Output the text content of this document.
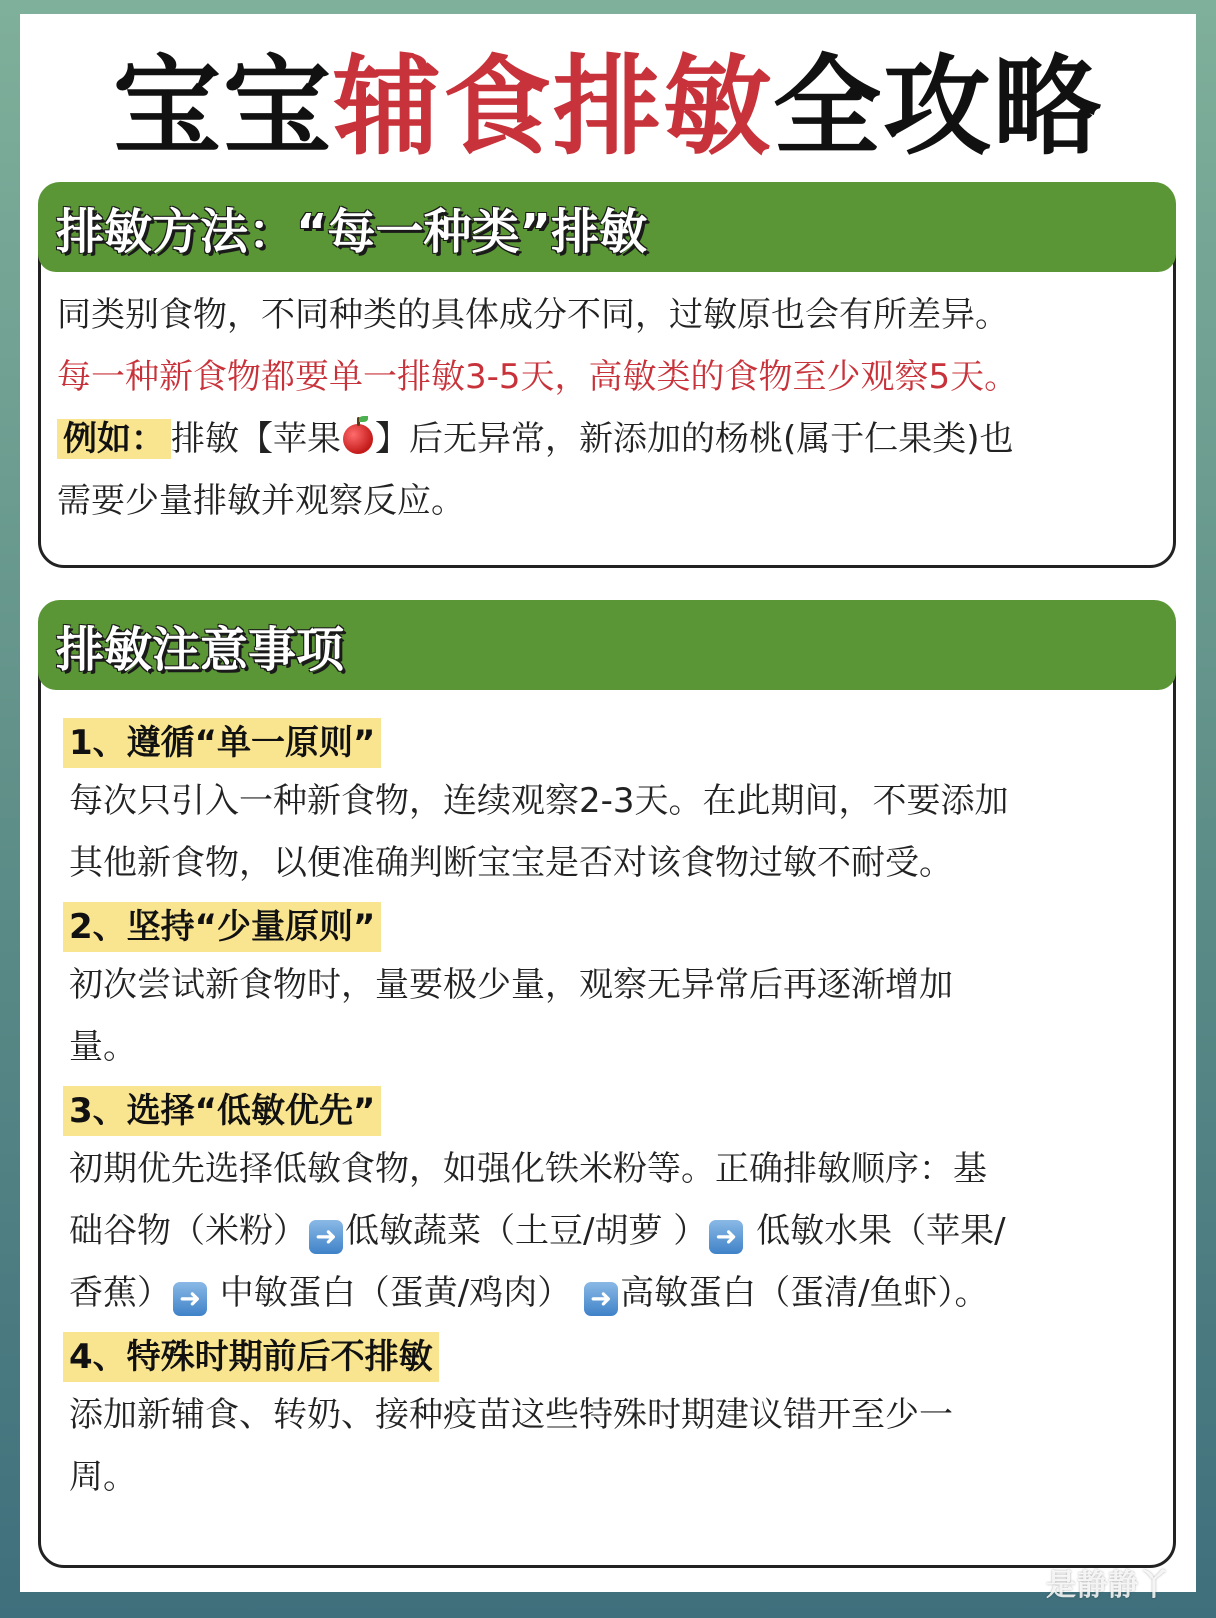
宝宝辅食排敏全攻略
排敏方法：“每一种类”排敏

同类别食物，不同种类的具体成分不同，过敏原也会有所差异。

每一种新食物都要单一排敏3-5天，高敏类的食物至少观察5天。

例如： 排敏【苹果 】后无异常，新添加的杨桃(属于仁果类)也

需要少量排敏并观察反应。

排敏注意事项
1、遵循“单一原则”

每次只引入一种新食物，连续观察2-3天。在此期间，不要添加

其他新食物，以便准确判断宝宝是否对该食物过敏不耐受。

2、坚持“少量原则”

初次尝试新食物时，量要极少量，观察无异常后再逐渐增加

量。

3、选择“低敏优先”

初期优先选择低敏食物，如强化铁米粉等。正确排敏顺序：基

础谷物（米粉） ➜ 低敏蔬菜（土豆/胡萝 ） ➜ 低敏水果（苹果/

香蕉） ➜ 中敏蛋白（蛋黄/鸡肉） ➜ 高敏蛋白（蛋清/鱼虾）。

4、特殊时期前后不排敏

添加新辅食、转奶、接种疫苗这些特殊时期建议错开至少一

周。

是静静丫
